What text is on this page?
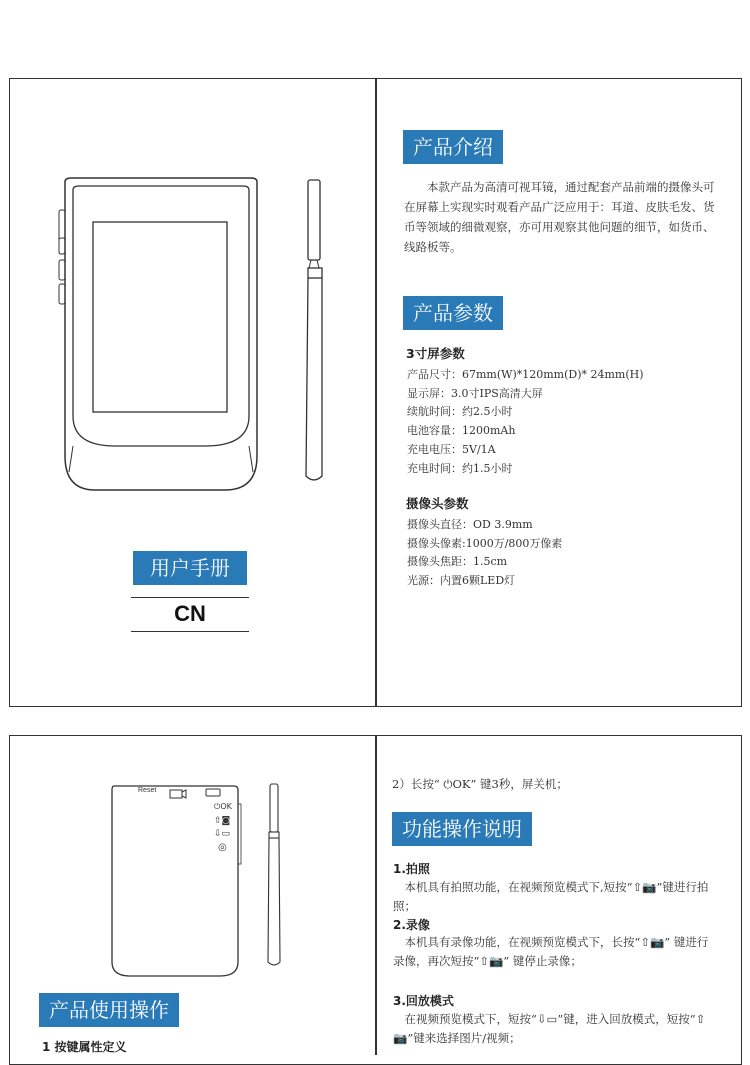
用户手册
CN
产品介绍
本款产品为高清可视耳镜，通过配套产品前端的摄像头可在屏幕上实现实时观看产品广泛应用于：耳道、皮肤毛发、货币等领域的细微观察，亦可用观察其他问题的细节，如货币、线路板等。
产品参数
3寸屏参数
产品尺寸：67mm(W)*120mm(D)* 24mm(H)
显示屏：3.0寸IPS高清大屏
续航时间：约2.5小时
电池容量：1200mAh
充电电压：5V/1A
充电时间：约1.5小时
摄像头参数
摄像头直径：OD 3.9mm
摄像头像素:1000万/800万像素
摄像头焦距：1.5cm
光源：内置6颗LED灯
Reset
⏻OK
⇧◙
⇩▭
◎
产品使用操作
1 按键属性定义
2）长按“ ⏻OK” 键3秒，屏关机；
功能操作说明
1.拍照
本机具有拍照功能，在视频预览模式下,短按“⇧📷”键进行拍照；
2.录像
本机具有录像功能，在视频预览模式下，长按“⇧📷” 键进行录像，再次短按“⇧📷” 键停止录像；
3.回放模式
在视频预览模式下，短按“⇩▭”键，进入回放模式，短按“⇧📷”键来选择图片/视频；
